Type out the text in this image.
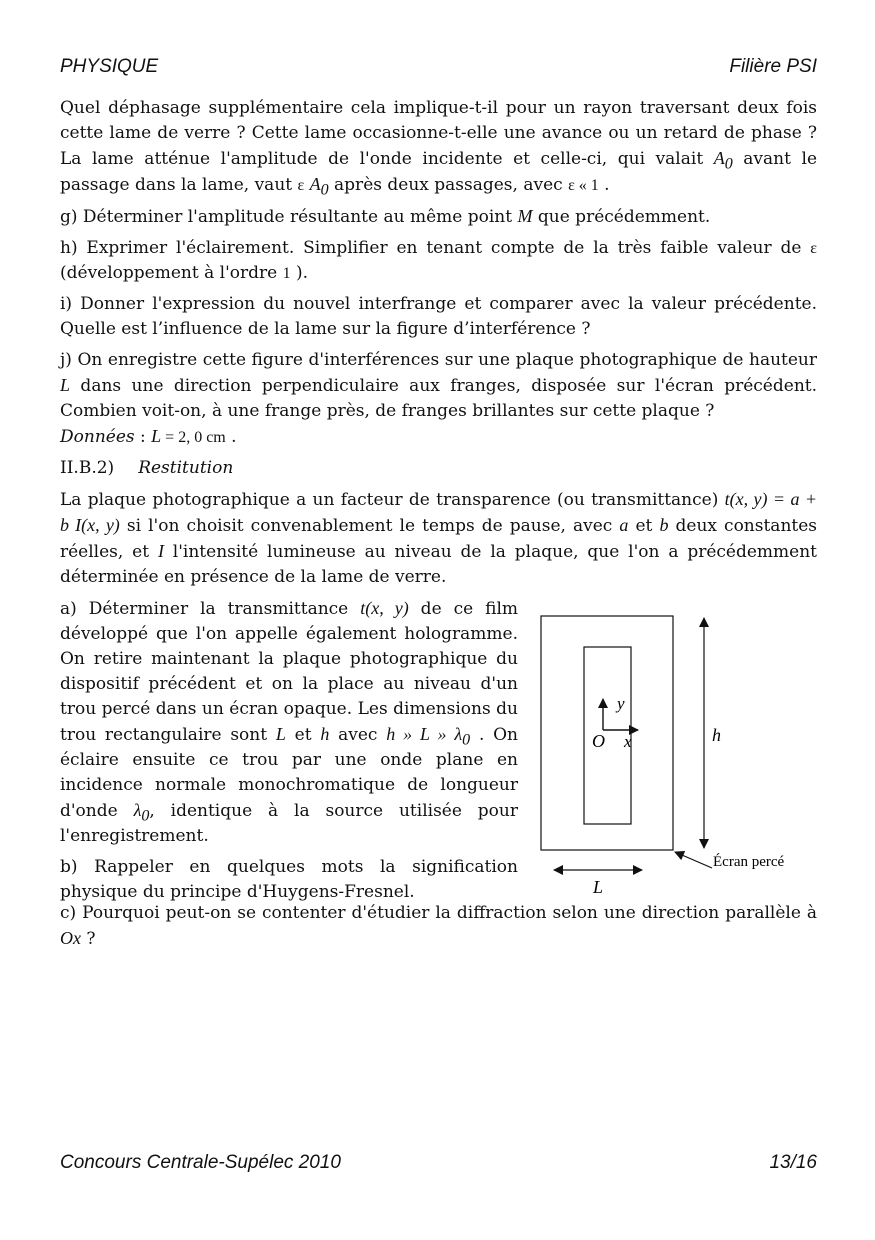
PHYSIQUE	Filière PSI

Quel déphasage supplémentaire cela implique-t-il pour un rayon traversant deux fois cette lame de verre ? Cette lame occasionne-t-elle une avance ou un retard de phase ? La lame atténue l'amplitude de l'onde incidente et celle-ci, qui valait $A_0$ avant le passage dans la lame, vaut ε $A_0$ après deux passages, avec ε « 1 .

g) Déterminer l'amplitude résultante au même point M que précédemment.

h) Exprimer l'éclairement. Simplifier en tenant compte de la très faible valeur de ε (développement à l'ordre 1 ).

i) Donner l'expression du nouvel interfrange et comparer avec la valeur précédente. Quelle est l’influence de la lame sur la figure d’interférence ?

j) On enregistre cette figure d'interférences sur une plaque photographique de hauteur L dans une direction perpendiculaire aux franges, disposée sur l'écran précédent. Combien voit-on, à une frange près, de franges brillantes sur cette plaque ?

Données : L = 2, 0 cm .

II.B.2) Restitution

La plaque photographique a un facteur de transparence (ou transmittance) t(x, y) = a + b I(x, y) si l'on choisit convenablement le temps de pause, avec a et b deux constantes réelles, et I l'intensité lumineuse au niveau de la plaque, que l'on a précédemment déterminée en présence de la lame de verre.

a) Déterminer la transmittance t(x, y) de ce film développé que l'on appelle également hologramme. On retire maintenant la plaque photographique du dispositif précédent et on la place au niveau d'un trou percé dans un écran opaque. Les dimensions du trou rectangulaire sont L et h avec h » L » $\lambda_0$ . On éclaire ensuite ce trou par une onde plane en incidence normale monochromatique de longueur d'onde $\lambda_0$, identique à la source utilisée pour l'enregistrement.

b) Rappeler en quelques mots la signification physique du principe d'Huygens-Fresnel.

y
x
O	h
L
Écran percé

c) Pourquoi peut-on se contenter d'étudier la diffraction selon une direction parallèle à Ox ?

Concours Centrale-Supélec 2010	13/16
